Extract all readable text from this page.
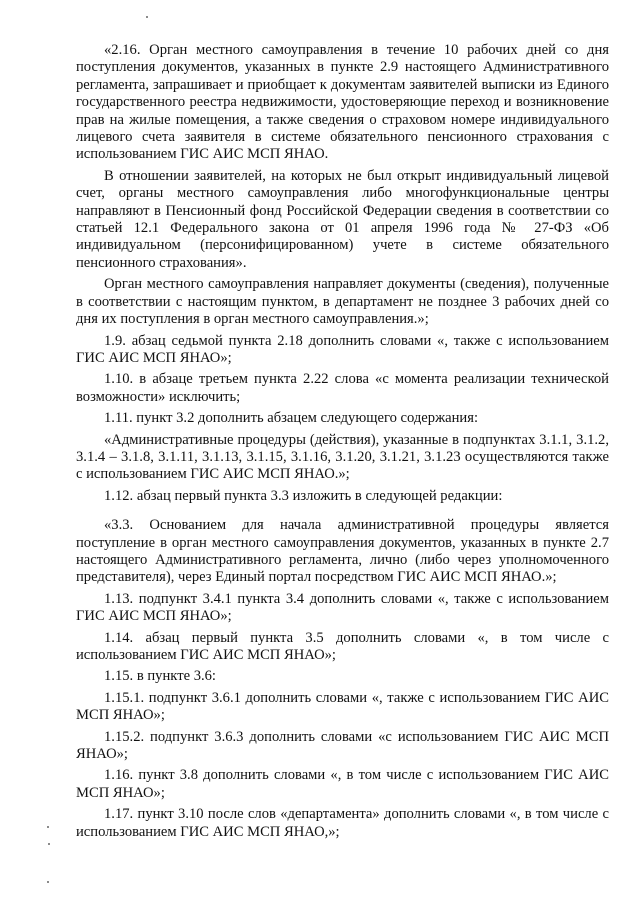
«2.16. Орган местного самоуправления в течение 10 рабочих дней со дня поступления документов, указанных в пункте 2.9 настоящего Административного регламента, запрашивает и приобщает к документам заявителей выписки из Единого государственного реестра недвижимости, удостоверяющие переход и возникновение прав на жилые помещения, а также сведения о страховом номере индивидуального лицевого счета заявителя в системе обязательного пенсионного страхования с использованием ГИС АИС МСП ЯНАО.

В отношении заявителей, на которых не был открыт индивидуальный лицевой счет, органы местного самоуправления либо многофункциональные центры направляют в Пенсионный фонд Российской Федерации сведения в соответствии со статьей 12.1 Федерального закона от 01 апреля 1996 года № 27-ФЗ «Об индивидуальном (персонифицированном) учете в системе обязательного пенсионного страхования».

Орган местного самоуправления направляет документы (сведения), полученные в соответствии с настоящим пунктом, в департамент не позднее 3 рабочих дней со дня их поступления в орган местного самоуправления.»;

1.9. абзац седьмой пункта 2.18 дополнить словами «, также с использованием ГИС АИС МСП ЯНАО»;

1.10. в абзаце третьем пункта 2.22 слова «с момента реализации технической возможности» исключить;

1.11. пункт 3.2 дополнить абзацем следующего содержания:

«Административные процедуры (действия), указанные в подпунктах 3.1.1, 3.1.2, 3.1.4 – 3.1.8, 3.1.11, 3.1.13, 3.1.15, 3.1.16, 3.1.20, 3.1.21, 3.1.23 осуществляются также с использованием ГИС АИС МСП ЯНАО.»;

1.12. абзац первый пункта 3.3 изложить в следующей редакции:

«3.3. Основанием для начала административной процедуры является поступление в орган местного самоуправления документов, указанных в пункте 2.7 настоящего Административного регламента, лично (либо через уполномоченного представителя), через Единый портал посредством ГИС АИС МСП ЯНАО.»;

1.13. подпункт 3.4.1 пункта 3.4 дополнить словами «, также с использованием ГИС АИС МСП ЯНАО»;

1.14. абзац первый пункта 3.5 дополнить словами «, в том числе с использованием ГИС АИС МСП ЯНАО»;

1.15. в пункте 3.6:

1.15.1. подпункт 3.6.1 дополнить словами «, также с использованием ГИС АИС МСП ЯНАО»;

1.15.2. подпункт 3.6.3 дополнить словами «с использованием ГИС АИС МСП ЯНАО»;

1.16. пункт 3.8 дополнить словами «, в том числе с использованием ГИС АИС МСП ЯНАО»;

1.17. пункт 3.10 после слов «департамента» дополнить словами «, в том числе с использованием ГИС АИС МСП ЯНАО,»;
